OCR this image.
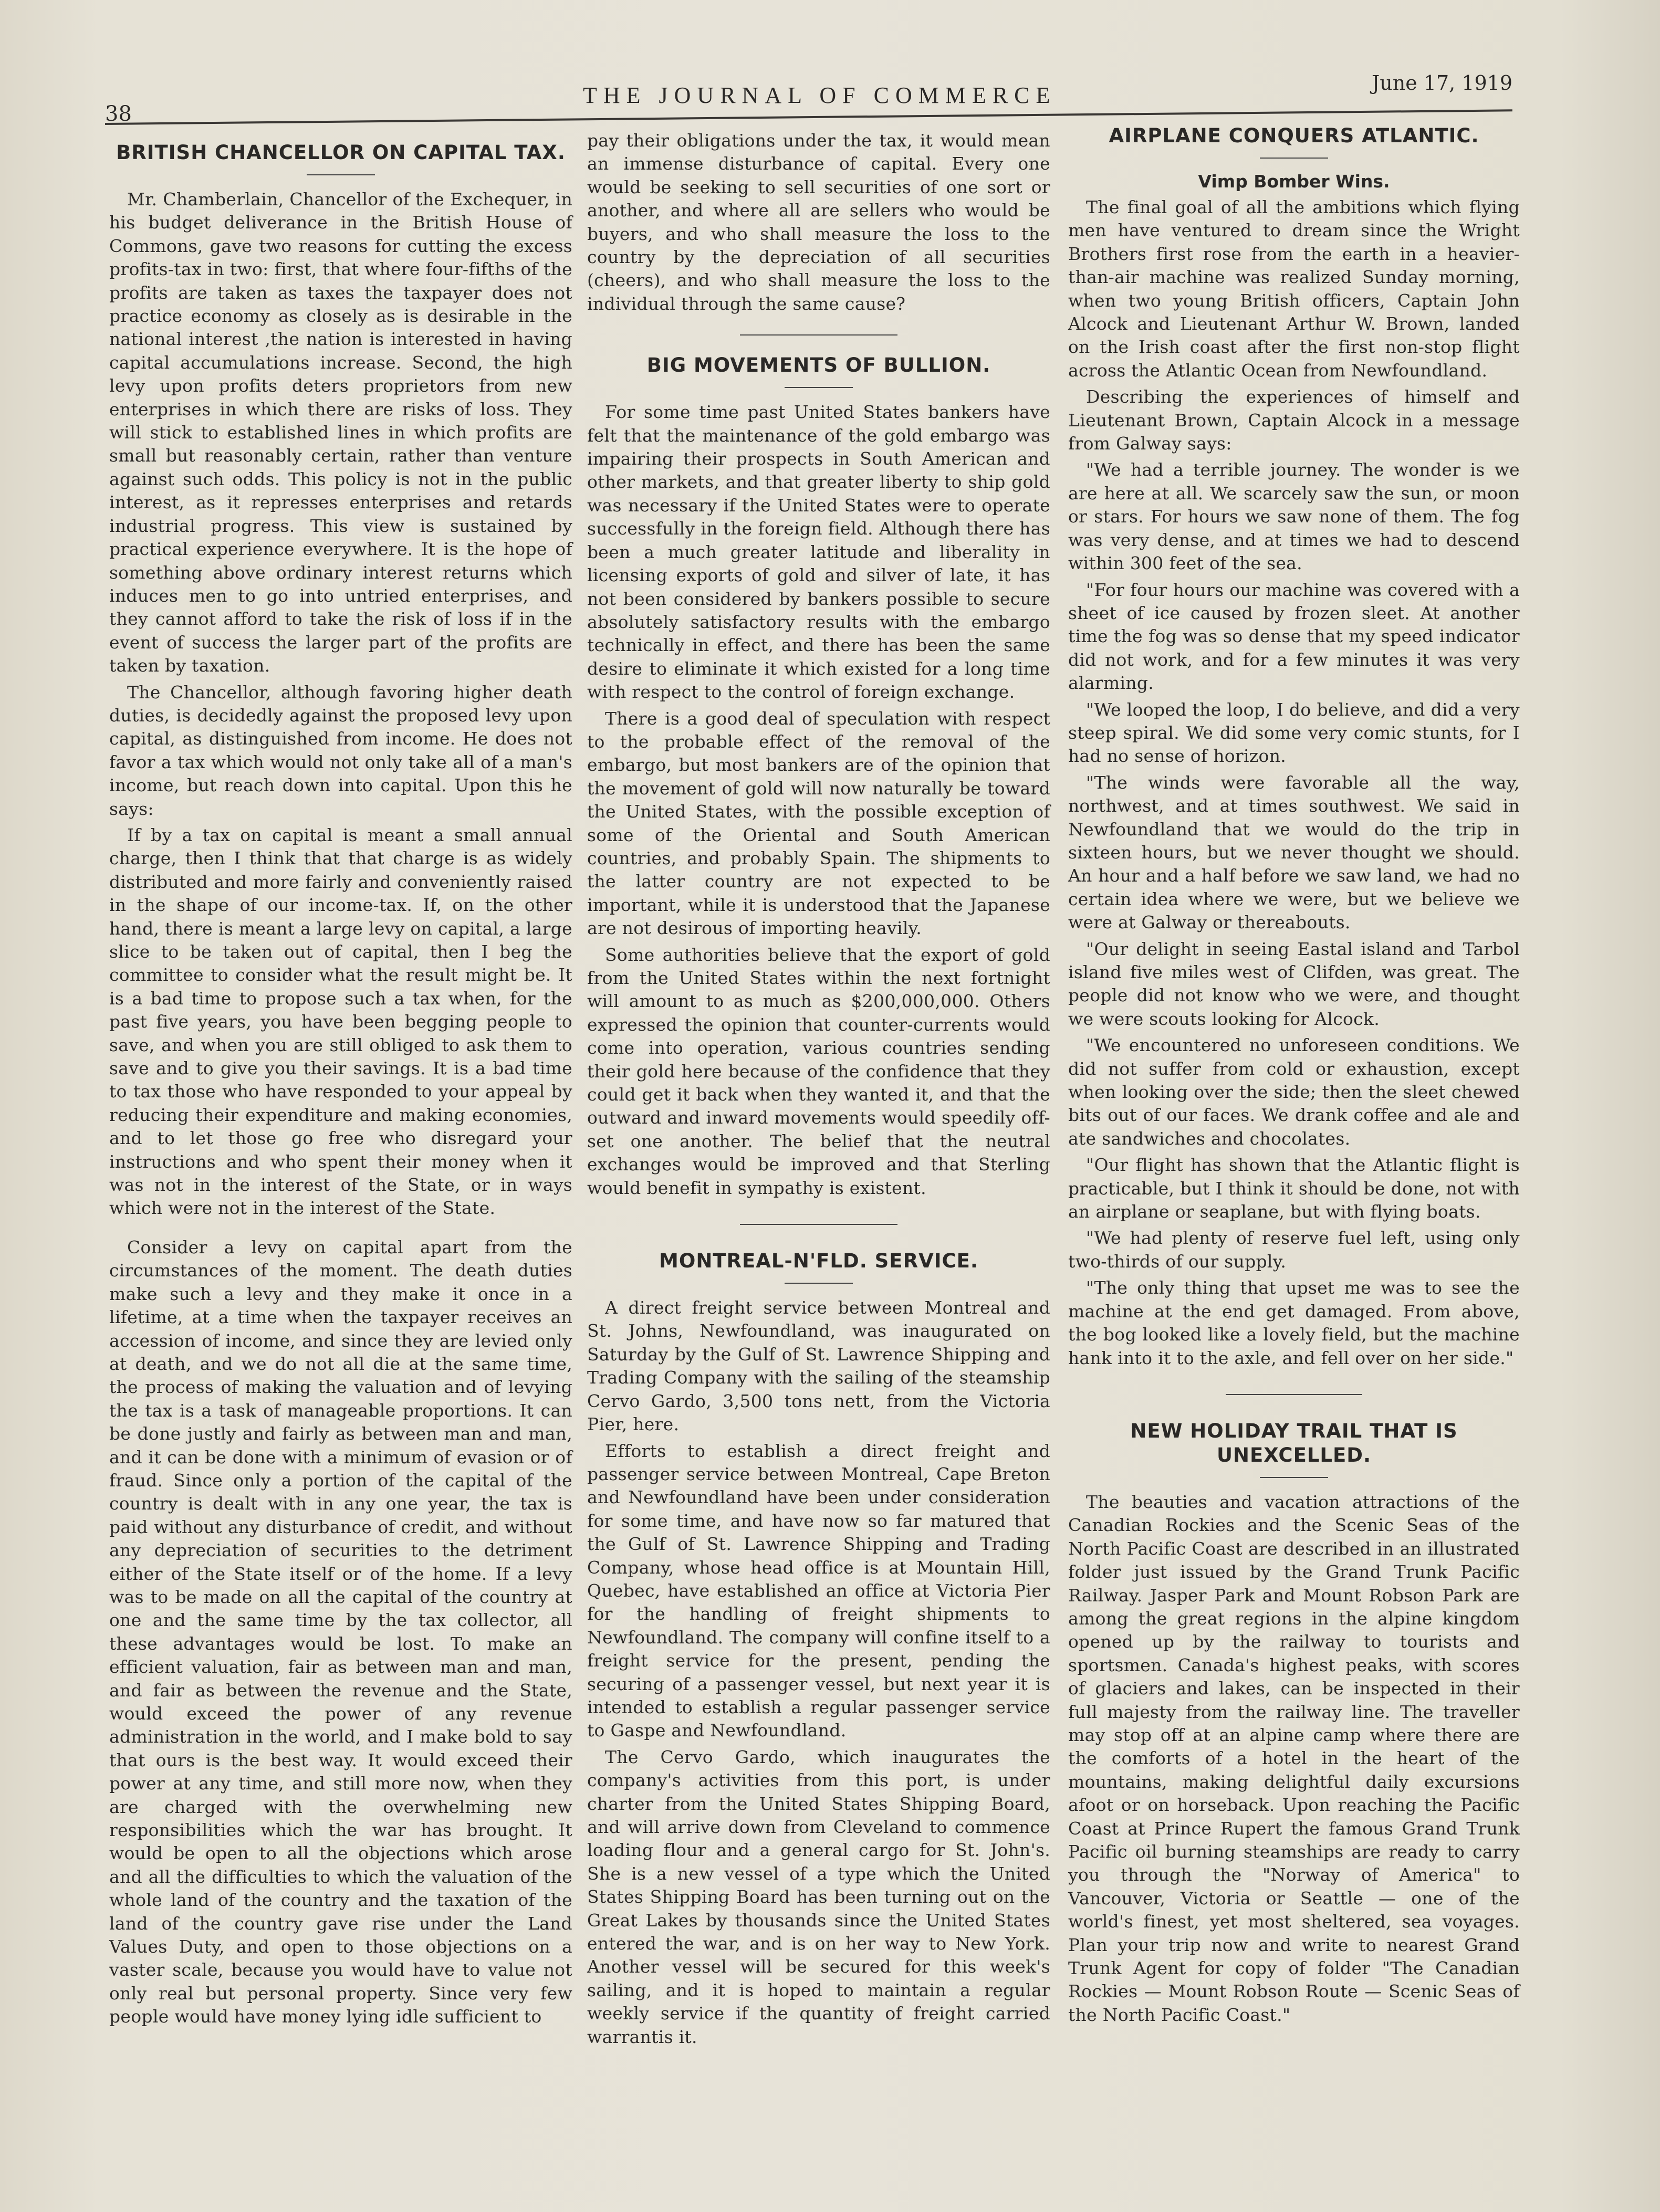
38
THE JOURNAL OF COMMERCE	June 17, 1919
BRITISH CHANCELLOR ON CAPITAL TAX.

Mr. Chamberlain, Chancellor of the Exchequer, in his budget deliverance in the British House of Commons, gave two reasons for cutting the excess profits-tax in two: first, that where four-fifths of the profits are taken as taxes the taxpayer does not practice economy as closely as is desirable in the national interest ,the nation is interested in having capital accumulations increase. Second, the high levy upon profits deters proprietors from new enterprises in which there are risks of loss. They will stick to established lines in which profits are small but reasonably certain, rather than venture against such odds. This policy is not in the public interest, as it represses enterprises and retards industrial progress. This view is sustained by practical experience everywhere. It is the hope of something above ordinary interest returns which induces men to go into untried enterprises, and they cannot afford to take the risk of loss if in the event of success the larger part of the profits are taken by taxation.

The Chancellor, although favoring higher death duties, is decidedly against the proposed levy upon capital, as distinguished from income. He does not favor a tax which would not only take all of a man's income, but reach down into capital. Upon this he says:

If by a tax on capital is meant a small annual charge, then I think that that charge is as widely distributed and more fairly and conveniently raised in the shape of our income-tax. If, on the other hand, there is meant a large levy on capital, a large slice to be taken out of capital, then I beg the committee to consider what the result might be. It is a bad time to propose such a tax when, for the past five years, you have been begging people to save, and when you are still obliged to ask them to save and to give you their savings. It is a bad time to tax those who have responded to your appeal by reducing their expenditure and making economies, and to let those go free who disregard your instructions and who spent their money when it was not in the interest of the State, or in ways which were not in the interest of the State.

Consider a levy on capital apart from the circumstances of the moment. The death duties make such a levy and they make it once in a lifetime, at a time when the taxpayer receives an accession of income, and since they are levied only at death, and we do not all die at the same time, the process of making the valuation and of levying the tax is a task of manageable proportions. It can be done justly and fairly as between man and man, and it can be done with a minimum of evasion or of fraud. Since only a portion of the capital of the country is dealt with in any one year, the tax is paid without any disturbance of credit, and without any depreciation of securities to the detriment either of the State itself or of the home. If a levy was to be made on all the capital of the country at one and the same time by the tax collector, all these advantages would be lost. To make an efficient valuation, fair as between man and man, and fair as between the revenue and the State, would exceed the power of any revenue administration in the world, and I make bold to say that ours is the best way. It would exceed their power at any time, and still more now, when they are charged with the overwhelming new responsibilities which the war has brought. It would be open to all the objections which arose and all the difficulties to which the valuation of the whole land of the country and the taxation of the land of the country gave rise under the Land Values Duty, and open to those objections on a vaster scale, because you would have to value not only real but personal property. Since very few people would have money lying idle sufficient to

pay their obligations under the tax, it would mean an immense disturbance of capital. Every one would be seeking to sell securities of one sort or another, and where all are sellers who would be buyers, and who shall measure the loss to the country by the depreciation of all securities (cheers), and who shall measure the loss to the individual through the same cause?

BIG MOVEMENTS OF BULLION.

For some time past United States bankers have felt that the maintenance of the gold embargo was impairing their prospects in South American and other markets, and that greater liberty to ship gold was necessary if the United States were to operate successfully in the foreign field. Although there has been a much greater latitude and liberality in licensing exports of gold and silver of late, it has not been considered by bankers possible to secure absolutely satisfactory results with the embargo technically in effect, and there has been the same desire to eliminate it which existed for a long time with respect to the control of foreign exchange.

There is a good deal of speculation with respect to the probable effect of the removal of the embargo, but most bankers are of the opinion that the movement of gold will now naturally be toward the United States, with the possible exception of some of the Oriental and South American countries, and probably Spain. The shipments to the latter country are not expected to be important, while it is understood that the Japanese are not desirous of importing heavily.

Some authorities believe that the export of gold from the United States within the next fortnight will amount to as much as $200,000,000. Others expressed the opinion that counter-currents would come into operation, various countries sending their gold here because of the confidence that they could get it back when they wanted it, and that the outward and inward movements would speedily off-set one another. The belief that the neutral exchanges would be improved and that Sterling would benefit in sympathy is existent.

MONTREAL-N'FLD. SERVICE.

A direct freight service between Montreal and St. Johns, Newfoundland, was inaugurated on Saturday by the Gulf of St. Lawrence Shipping and Trading Company with the sailing of the steamship Cervo Gardo, 3,500 tons nett, from the Victoria Pier, here.

Efforts to establish a direct freight and passenger service between Montreal, Cape Breton and Newfoundland have been under consideration for some time, and have now so far matured that the Gulf of St. Lawrence Shipping and Trading Company, whose head office is at Mountain Hill, Quebec, have established an office at Victoria Pier for the handling of freight shipments to Newfoundland. The company will confine itself to a freight service for the present, pending the securing of a passenger vessel, but next year it is intended to establish a regular passenger service to Gaspe and Newfoundland.

The Cervo Gardo, which inaugurates the company's activities from this port, is under charter from the United States Shipping Board, and will arrive down from Cleveland to commence loading flour and a general cargo for St. John's. She is a new vessel of a type which the United States Shipping Board has been turning out on the Great Lakes by thousands since the United States entered the war, and is on her way to New York. Another vessel will be secured for this week's sailing, and it is hoped to maintain a regular weekly service if the quantity of freight carried warrantis it.

AIRPLANE CONQUERS ATLANTIC.
Vimp Bomber Wins.

The final goal of all the ambitions which flying men have ventured to dream since the Wright Brothers first rose from the earth in a heavier-than-air machine was realized Sunday morning, when two young British officers, Captain John Alcock and Lieutenant Arthur W. Brown, landed on the Irish coast after the first non-stop flight across the Atlantic Ocean from Newfoundland.

Describing the experiences of himself and Lieutenant Brown, Captain Alcock in a message from Galway says:

"We had a terrible journey. The wonder is we are here at all. We scarcely saw the sun, or moon or stars. For hours we saw none of them. The fog was very dense, and at times we had to descend within 300 feet of the sea.

"For four hours our machine was covered with a sheet of ice caused by frozen sleet. At another time the fog was so dense that my speed indicator did not work, and for a few minutes it was very alarming.

"We looped the loop, I do believe, and did a very steep spiral. We did some very comic stunts, for I had no sense of horizon.

"The winds were favorable all the way, northwest, and at times southwest. We said in Newfoundland that we would do the trip in sixteen hours, but we never thought we should. An hour and a half before we saw land, we had no certain idea where we were, but we believe we were at Galway or thereabouts.

"Our delight in seeing Eastal island and Tarbol island five miles west of Clifden, was great. The people did not know who we were, and thought we were scouts looking for Alcock.

"We encountered no unforeseen conditions. We did not suffer from cold or exhaustion, except when looking over the side; then the sleet chewed bits out of our faces. We drank coffee and ale and ate sandwiches and chocolates.

"Our flight has shown that the Atlantic flight is practicable, but I think it should be done, not with an airplane or seaplane, but with flying boats.

"We had plenty of reserve fuel left, using only two-thirds of our supply.

"The only thing that upset me was to see the machine at the end get damaged. From above, the bog looked like a lovely field, but the machine hank into it to the axle, and fell over on her side."

NEW HOLIDAY TRAIL THAT IS UNEXCELLED.

The beauties and vacation attractions of the Canadian Rockies and the Scenic Seas of the North Pacific Coast are described in an illustrated folder just issued by the Grand Trunk Pacific Railway. Jasper Park and Mount Robson Park are among the great regions in the alpine kingdom opened up by the railway to tourists and sportsmen. Canada's highest peaks, with scores of glaciers and lakes, can be inspected in their full majesty from the railway line. The traveller may stop off at an alpine camp where there are the comforts of a hotel in the heart of the mountains, making delightful daily excursions afoot or on horseback. Upon reaching the Pacific Coast at Prince Rupert the famous Grand Trunk Pacific oil burning steamships are ready to carry you through the "Norway of America" to Vancouver, Victoria or Seattle — one of the world's finest, yet most sheltered, sea voyages. Plan your trip now and write to nearest Grand Trunk Agent for copy of folder "The Canadian Rockies — Mount Robson Route — Scenic Seas of the North Pacific Coast."
